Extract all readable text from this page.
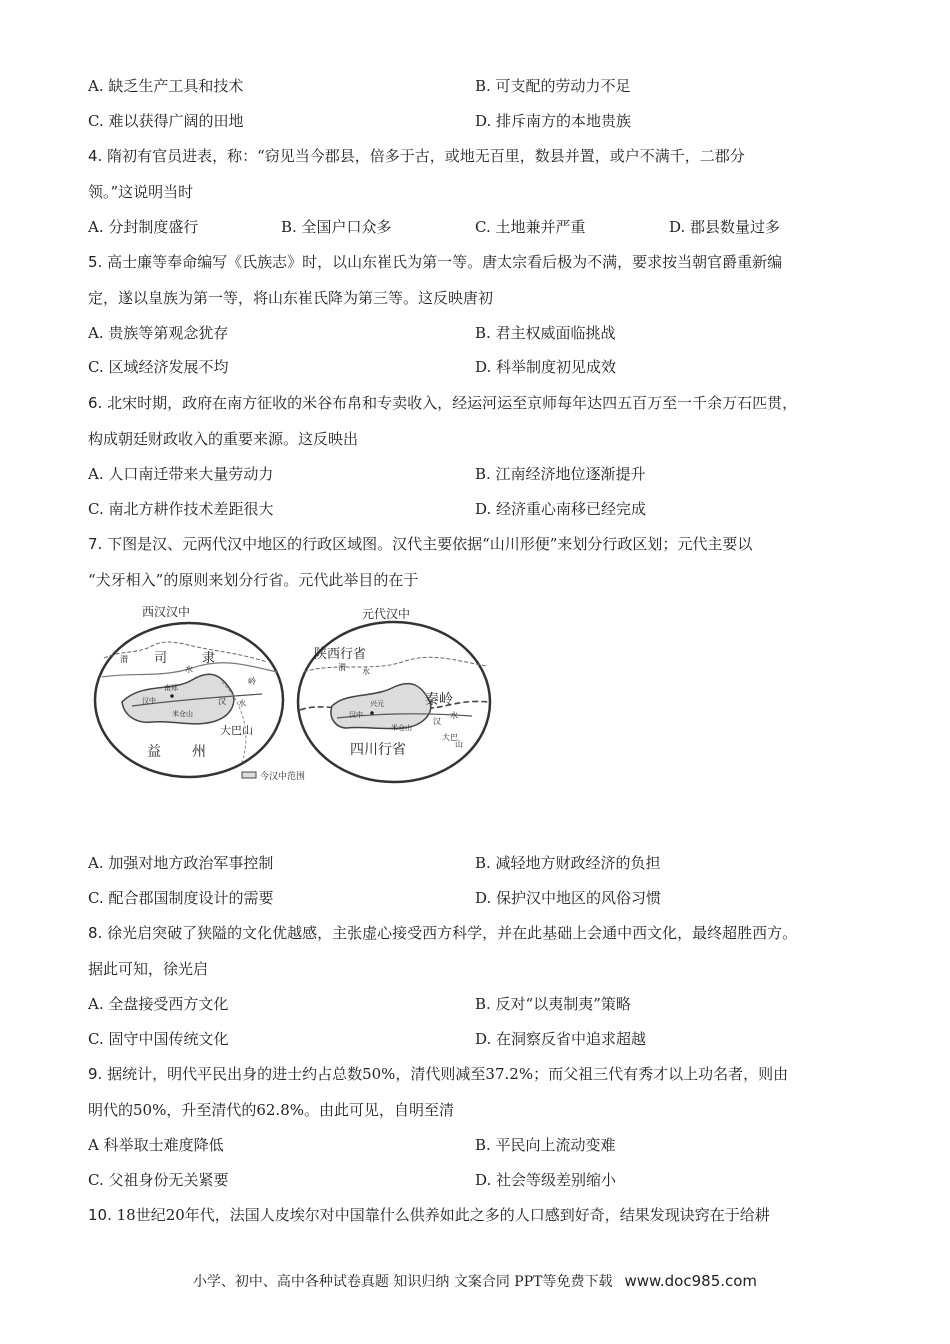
A. 缺乏生产工具和技术	B. 可支配的劳动力不足
C. 难以获得广阔的田地	D. 排斥南方的本地贵族
4. 隋初有官员进表，称：“窃见当今郡县，倍多于古，或地无百里，数县并置，或户不满千，二郡分
领。”这说明当时
A. 分封制度盛行	B. 全国户口众多	C. 土地兼并严重	D. 郡县数量过多
5. 高士廉等奉命编写《氏族志》时，以山东崔氏为第一等。唐太宗看后极为不满，要求按当朝官爵重新编
定，遂以皇族为第一等，将山东崔氏降为第三等。这反映唐初
A. 贵族等第观念犹存	B. 君主权威面临挑战
C. 区域经济发展不均	D. 科举制度初见成效
6. 北宋时期，政府在南方征收的米谷布帛和专卖收入，经运河运至京师每年达四五百万至一千余万石匹贯，
构成朝廷财政收入的重要来源。这反映出
A. 人口南迁带来大量劳动力	B. 江南经济地位逐渐提升
C. 南北方耕作技术差距很大	D. 经济重心南移已经完成
7. 下图是汉、元两代汉中地区的行政区域图。汉代主要依据“山川形便”来划分行政区划；元代主要以
“犬牙相入”的原则来划分行省。元代此举目的在于
西汉汉中
渭 司	隶
水
岭
南郑
汉中	汉 水
米仓山
大巴山
益 州
元代汉中
陕西行省
渭 水
秦岭
兴元
汉中
米仓山
汉
水
大巴
山
四川行省
今汉中范围
A. 加强对地方政治军事控制	B. 减轻地方财政经济的负担
C. 配合郡国制度设计的需要	D. 保护汉中地区的风俗习惯
8. 徐光启突破了狭隘的文化优越感，主张虚心接受西方科学，并在此基础上会通中西文化，最终超胜西方。
据此可知，徐光启
A. 全盘接受西方文化	B. 反对“以夷制夷”策略
C. 固守中国传统文化	D. 在洞察反省中追求超越
9. 据统计，明代平民出身的进士约占总数50%，清代则减至37.2%；而父祖三代有秀才以上功名者，则由
明代的50%，升至清代的62.8%。由此可见，自明至清
A 科举取士难度降低	B. 平民向上流动变难
C. 父祖身份无关紧要	D. 社会等级差别缩小
10. 18世纪20年代，法国人皮埃尔对中国靠什么供养如此之多的人口感到好奇，结果发现诀窍在于给耕
小学、初中、高中各种试卷真题 知识归纳 文案合同 PPT等免费下载 www.doc985.com
